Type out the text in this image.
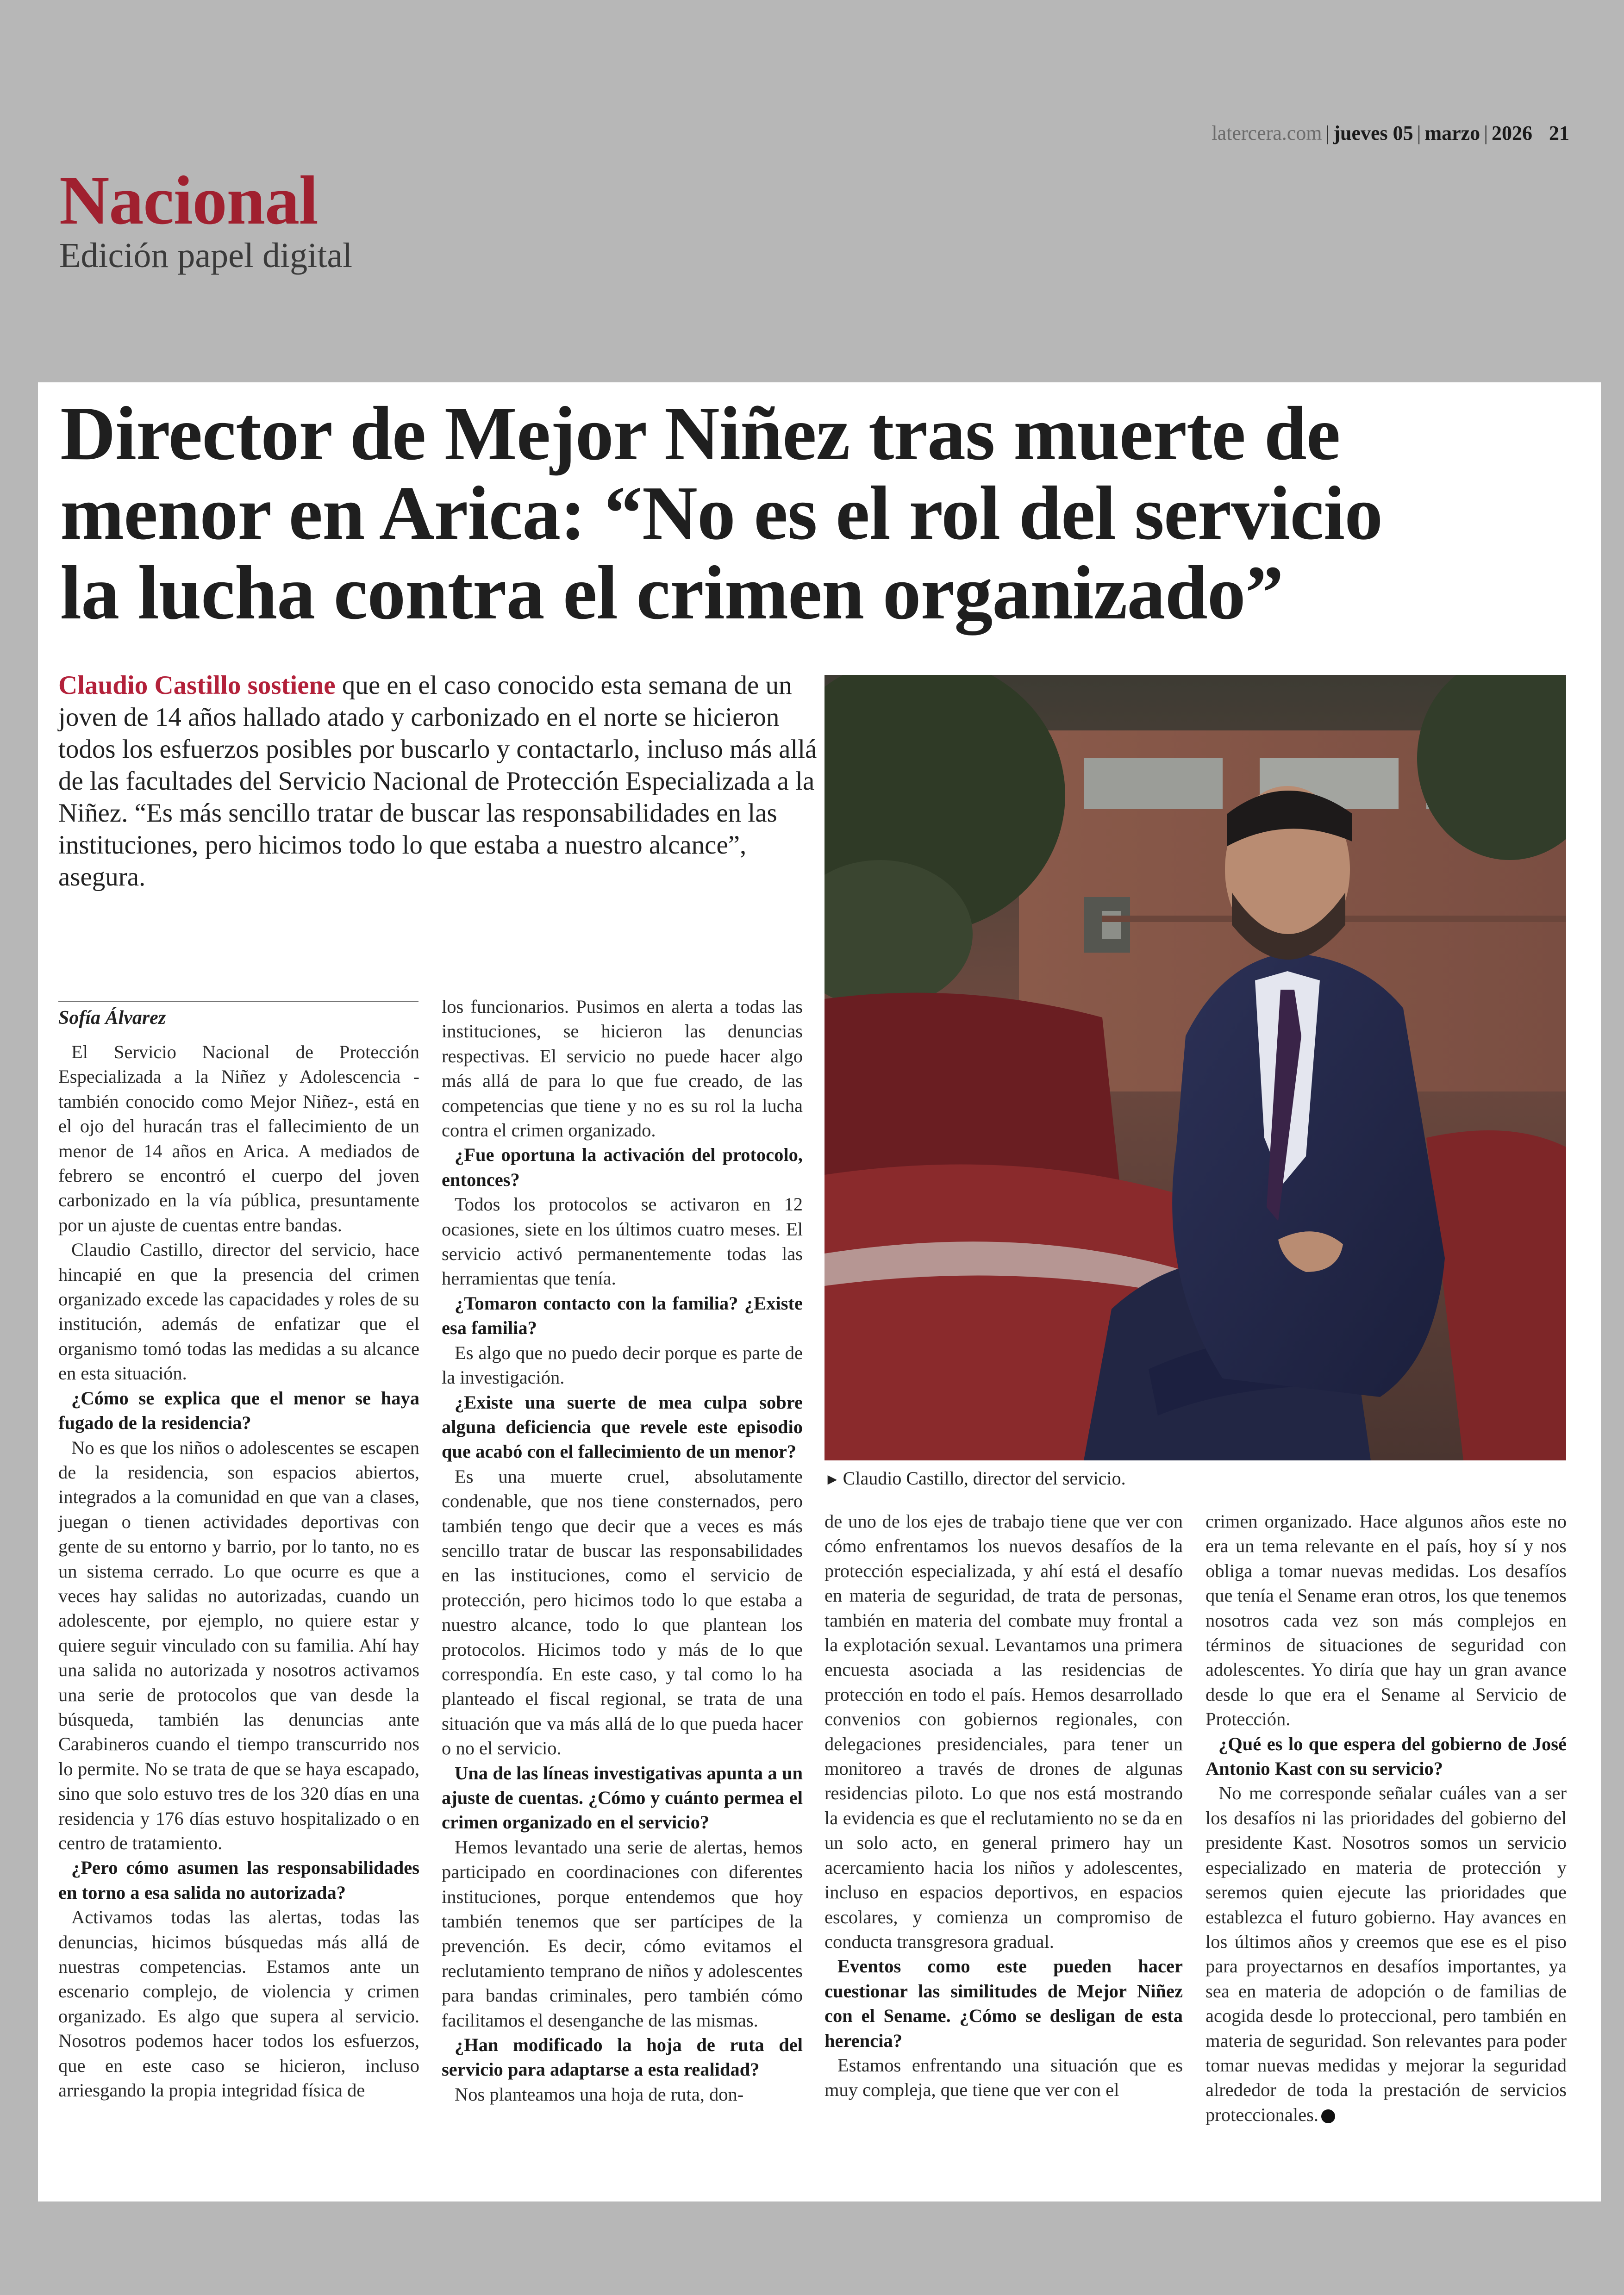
latercera.com | jueves 05 | marzo | 2026 21
Nacional
Edición papel digital
Director de Mejor Niñez tras muerte de
menor en Arica: “No es el rol del servicio
la lucha contra el crimen organizado”

Claudio Castillo sostiene que en el caso conocido esta semana de un joven de 14 años hallado atado y carbonizado en el norte se hicieron todos los esfuerzos posibles por buscarlo y contactarlo, incluso más allá de las facultades del Servicio Nacional de Protección Especializada a la Niñez. “Es más sencillo tratar de buscar las responsabilidades en las instituciones, pero hicimos todo lo que estaba a nuestro alcance”, asegura.

► Claudio Castillo, director del servicio.
Sofía Álvarez

El Servicio Nacional de Protección Especializada a la Niñez y Adolescencia -también conocido como Mejor Niñez-, está en el ojo del huracán tras el fallecimiento de un menor de 14 años en Arica. A mediados de febrero se encontró el cuerpo del joven carbonizado en la vía pública, presuntamente por un ajuste de cuentas entre bandas.

Claudio Castillo, director del servicio, hace hincapié en que la presencia del crimen organizado excede las capacidades y roles de su institución, además de enfatizar que el organismo tomó todas las medidas a su alcance en esta situación.

¿Cómo se explica que el menor se haya fugado de la residencia?

No es que los niños o adolescentes se escapen de la residencia, son espacios abiertos, integrados a la comunidad en que van a clases, juegan o tienen actividades deportivas con gente de su entorno y barrio, por lo tanto, no es un sistema cerrado. Lo que ocurre es que a veces hay salidas no autorizadas, cuando un adolescente, por ejemplo, no quiere estar y quiere seguir vinculado con su familia. Ahí hay una salida no autorizada y nosotros activamos una serie de protocolos que van desde la búsqueda, también las denuncias ante Carabineros cuando el tiempo transcurrido nos lo permite. No se trata de que se haya escapado, sino que solo estuvo tres de los 320 días en una residencia y 176 días estuvo hospitalizado o en centro de tratamiento.

¿Pero cómo asumen las responsabilidades en torno a esa salida no autorizada?

Activamos todas las alertas, todas las denuncias, hicimos búsquedas más allá de nuestras competencias. Estamos ante un escenario complejo, de violencia y crimen organizado. Es algo que supera al servicio. Nosotros podemos hacer todos los esfuerzos, que en este caso se hicieron, incluso arriesgando la propia integridad física de

los funcionarios. Pusimos en alerta a todas las instituciones, se hicieron las denuncias respectivas. El servicio no puede hacer algo más allá de para lo que fue creado, de las competencias que tiene y no es su rol la lucha contra el crimen organizado.

¿Fue oportuna la activación del protocolo, entonces?

Todos los protocolos se activaron en 12 ocasiones, siete en los últimos cuatro meses. El servicio activó permanentemente todas las herramientas que tenía.

¿Tomaron contacto con la familia? ¿Existe esa familia?

Es algo que no puedo decir porque es parte de la investigación.

¿Existe una suerte de mea culpa sobre alguna deficiencia que revele este episodio que acabó con el fallecimiento de un menor?

Es una muerte cruel, absolutamente condenable, que nos tiene consternados, pero también tengo que decir que a veces es más sencillo tratar de buscar las responsabilidades en las instituciones, como el servicio de protección, pero hicimos todo lo que estaba a nuestro alcance, todo lo que plantean los protocolos. Hicimos todo y más de lo que correspondía. En este caso, y tal como lo ha planteado el fiscal regional, se trata de una situación que va más allá de lo que pueda hacer o no el servicio.

Una de las líneas investigativas apunta a un ajuste de cuentas. ¿Cómo y cuánto permea el crimen organizado en el servicio?

Hemos levantado una serie de alertas, hemos participado en coordinaciones con diferentes instituciones, porque entendemos que hoy también tenemos que ser partícipes de la prevención. Es decir, cómo evitamos el reclutamiento temprano de niños y adolescentes para bandas criminales, pero también cómo facilitamos el desenganche de las mismas.

¿Han modificado la hoja de ruta del servicio para adaptarse a esta realidad?

Nos planteamos una hoja de ruta, don-

de uno de los ejes de trabajo tiene que ver con cómo enfrentamos los nuevos desafíos de la protección especializada, y ahí está el desafío en materia de seguridad, de trata de personas, también en materia del combate muy frontal a la explotación sexual. Levantamos una primera encuesta asociada a las residencias de protección en todo el país. Hemos desarrollado convenios con gobiernos regionales, con delegaciones presidenciales, para tener un monitoreo a través de drones de algunas residencias piloto. Lo que nos está mostrando la evidencia es que el reclutamiento no se da en un solo acto, en general primero hay un acercamiento hacia los niños y adolescentes, incluso en espacios deportivos, en espacios escolares, y comienza un compromiso de conducta transgresora gradual.

Eventos como este pueden hacer cuestionar las similitudes de Mejor Niñez con el Sename. ¿Cómo se desligan de esta herencia?

Estamos enfrentando una situación que es muy compleja, que tiene que ver con el

crimen organizado. Hace algunos años este no era un tema relevante en el país, hoy sí y nos obliga a tomar nuevas medidas. Los desafíos que tenía el Sename eran otros, los que tenemos nosotros cada vez son más complejos en términos de situaciones de seguridad con adolescentes. Yo diría que hay un gran avance desde lo que era el Sename al Servicio de Protección.

¿Qué es lo que espera del gobierno de José Antonio Kast con su servicio?

No me corresponde señalar cuáles van a ser los desafíos ni las prioridades del gobierno del presidente Kast. Nosotros somos un servicio especializado en materia de protección y seremos quien ejecute las prioridades que establezca el futuro gobierno. Hay avances en los últimos años y creemos que ese es el piso para proyectarnos en desafíos importantes, ya sea en materia de adopción o de familias de acogida desde lo proteccional, pero también en materia de seguridad. Son relevantes para poder tomar nuevas medidas y mejorar la seguridad alrededor de toda la prestación de servicios proteccionales.
